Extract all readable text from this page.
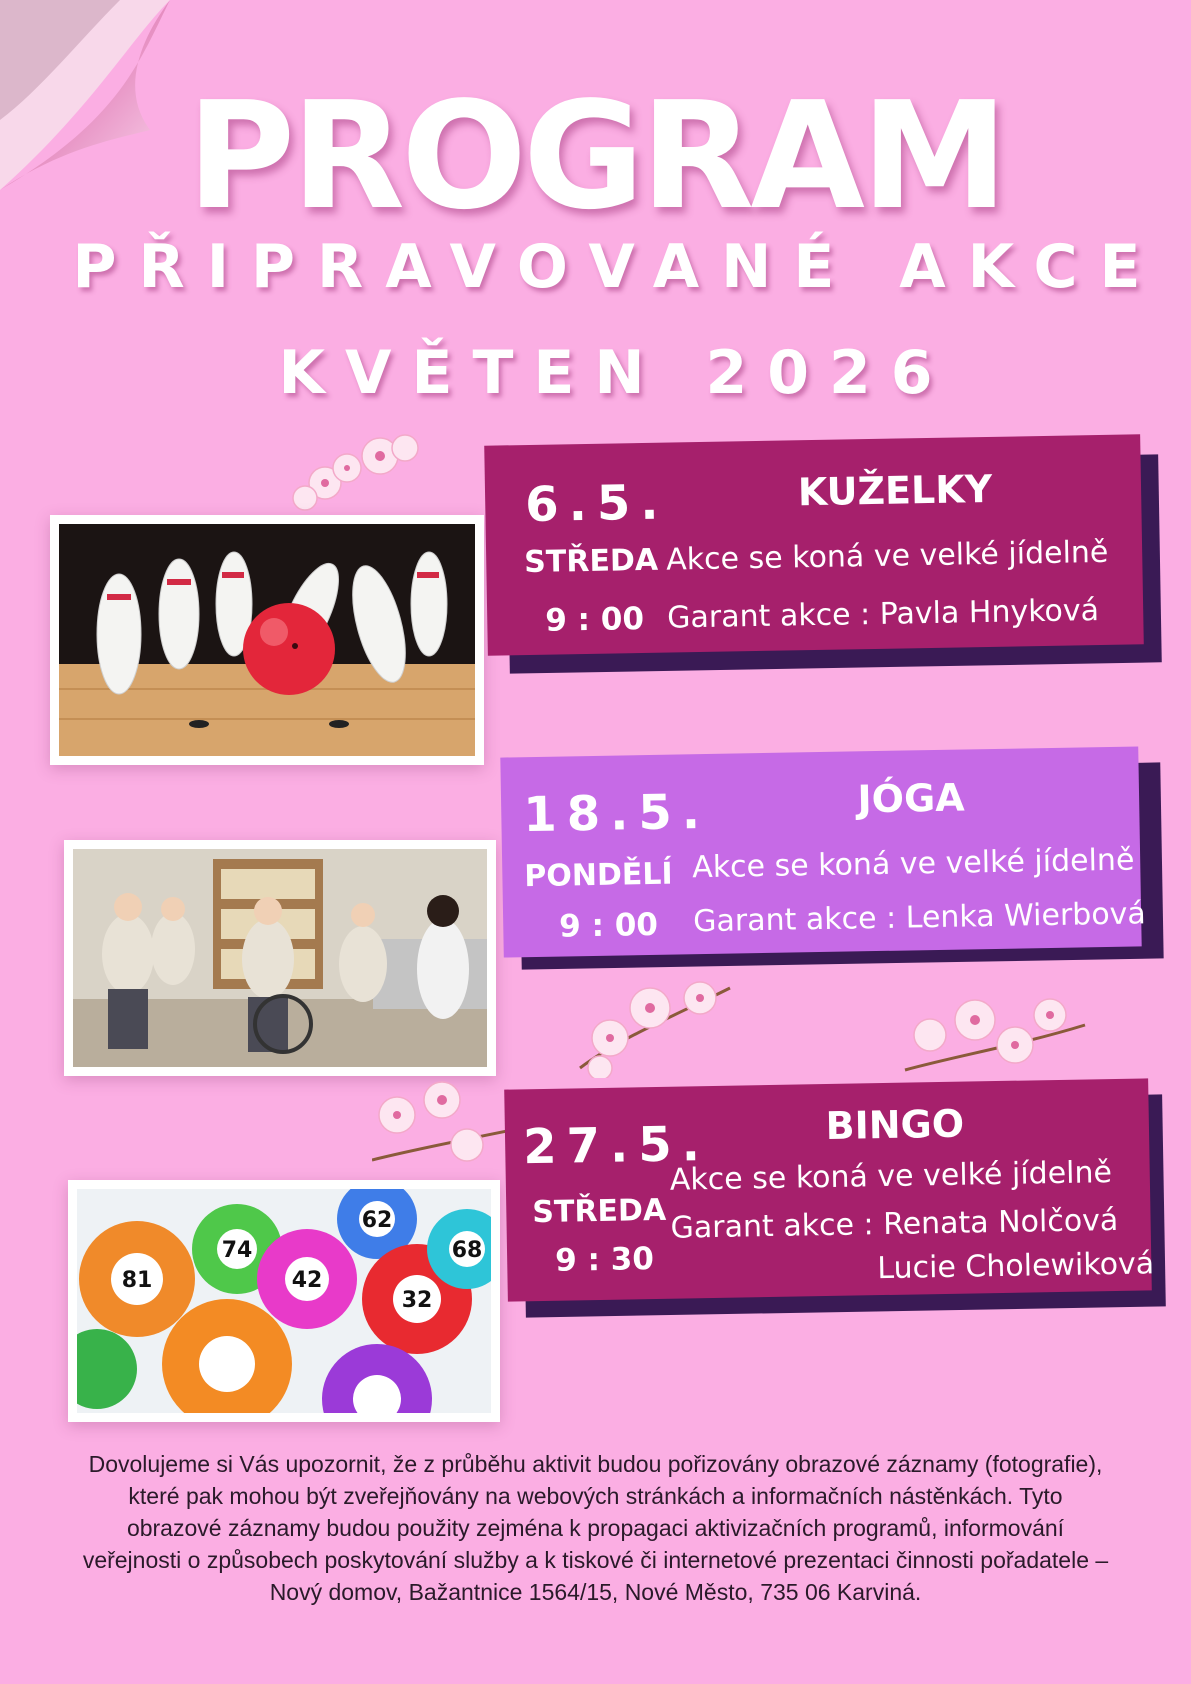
PROGRAM
PŘIPRAVOVANÉ AKCE
KVĚTEN 2026
6.5.	KUŽELKY
STŘEDA
9 : 00
Akce se koná ve velké jídelně
Garant akce : Pavla Hnyková
18.5.	JÓGA
PONDĚLÍ
9 : 00
Akce se koná ve velké jídelně
Garant akce : Lenka Wierbová
81	42
32
68
74
62
27.5.	BINGO
STŘEDA
9 : 30
Akce se koná ve velké jídelně
Garant akce : Renata Nolčová
Lucie Cholewiková
Dovolujeme si Vás upozornit, že z průběhu aktivit budou pořizovány obrazové záznamy (fotografie),
které pak mohou být zveřejňovány na webových stránkách a informačních nástěnkách. Tyto
obrazové záznamy budou použity zejména k propagaci aktivizačních programů, informování
veřejnosti o způsobech poskytování služby a k tiskové či internetové prezentaci činnosti pořadatele –
Nový domov, Bažantnice 1564/15, Nové Město, 735 06 Karviná.
